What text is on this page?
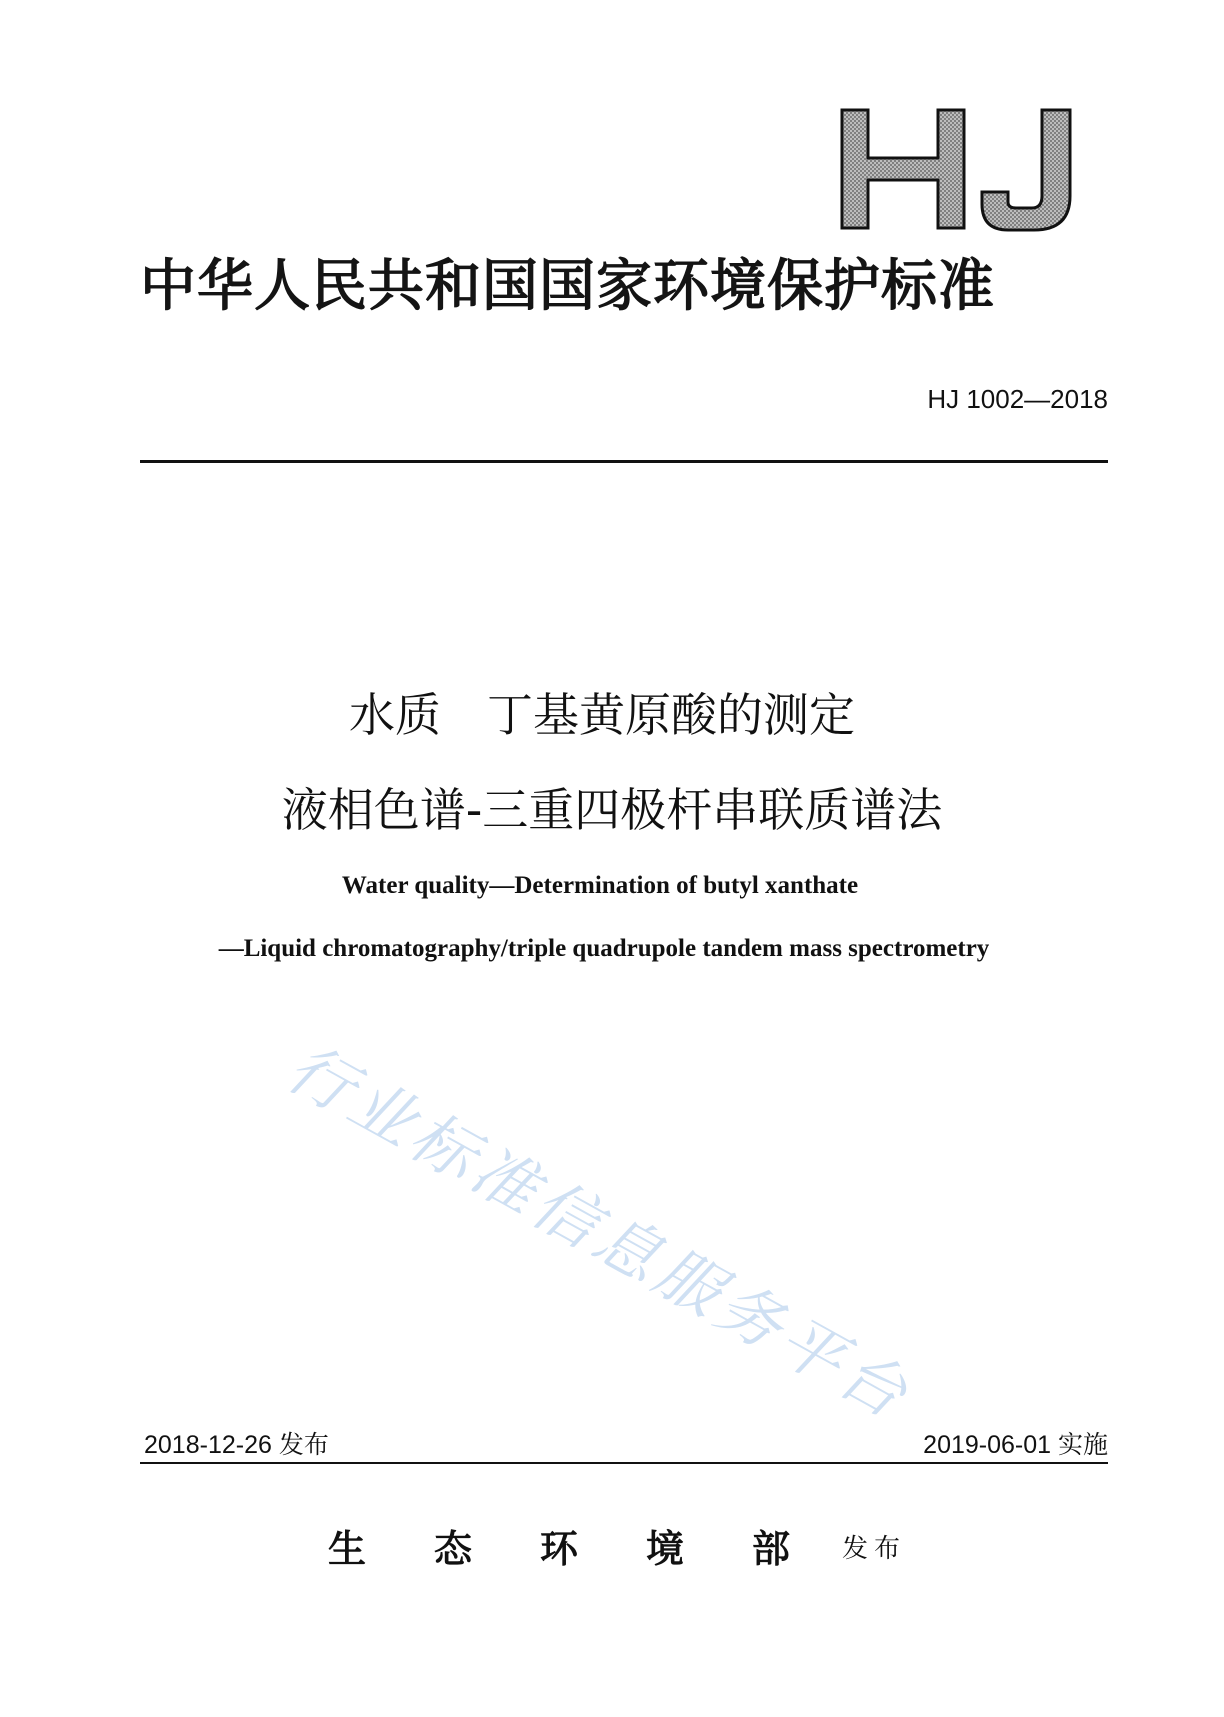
中华人民共和国国家环境保护标准
HJ 1002—2018
水质　丁基黄原酸的测定
液相色谱-三重四极杆串联质谱法
Water quality—Determination of butyl xanthate
—Liquid chromatography/triple quadrupole tandem mass spectrometry
行业标准信息服务平台
2018-12-26 发布	2019-06-01 实施
生态环境部
发布
